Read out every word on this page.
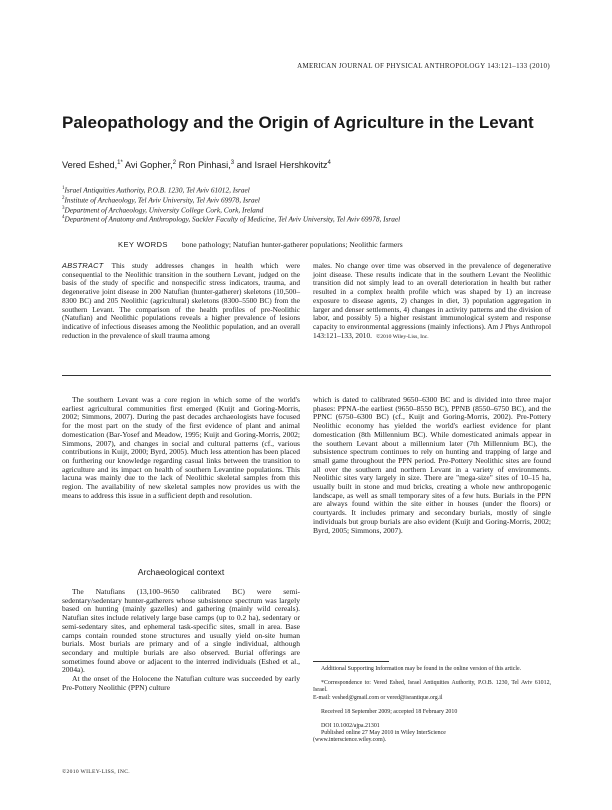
AMERICAN JOURNAL OF PHYSICAL ANTHROPOLOGY 143:121–133 (2010)
Paleopathology and the Origin of Agriculture in the Levant
Vered Eshed,$^{1*}$ Avi Gopher,$^2$ Ron Pinhasi,$^3$ and Israel Hershkovitz$^4$
$^1$Israel Antiquities Authority, P.O.B. 1230, Tel Aviv 61012, Israel
$^2$Institute of Archaeology, Tel Aviv University, Tel Aviv 69978, Israel
$^3$Department of Archaeology, University College Cork, Cork, Ireland
$^4$Department of Anatomy and Anthropology, Sackler Faculty of Medicine, Tel Aviv University, Tel Aviv 69978, Israel
KEY WORDS bone pathology; Natufian hunter-gatherer populations; Neolithic farmers

ABSTRACT This study addresses changes in health which were consequential to the Neolithic transition in the southern Levant, judged on the basis of the study of specific and nonspecific stress indicators, trauma, and degenerative joint disease in 200 Natufian (hunter-gatherer) skeletons (10,500–8300 BC) and 205 Neolithic (agricultural) skeletons (8300–5500 BC) from the southern Levant. The comparison of the health profiles of pre-Neolithic (Natufian) and Neolithic populations reveals a higher prevalence of lesions indicative of infectious diseases among the Neolithic population, and an overall reduction in the prevalence of skull trauma among

males. No change over time was observed in the prevalence of degenerative joint disease. These results indicate that in the southern Levant the Neolithic transition did not simply lead to an overall deterioration in health but rather resulted in a complex health profile which was shaped by 1) an increase exposure to disease agents, 2) changes in diet, 3) population aggregation in larger and denser settlements, 4) changes in activity patterns and the division of labor, and possibly 5) a higher resistant immunological system and response capacity to environmental aggressions (mainly infections). Am J Phys Anthropol 143:121–133, 2010. ©2010 Wiley-Liss, Inc.

The southern Levant was a core region in which some of the world's earliest agricultural communities first emerged (Kuijt and Goring-Morris, 2002; Simmons, 2007). During the past decades archaeologists have focused for the most part on the study of the first evidence of plant and animal domestication (Bar-Yosef and Meadow, 1995; Kuijt and Goring-Morris, 2002; Simmons, 2007), and changes in social and cultural patterns (cf., various contributions in Kuijt, 2000; Byrd, 2005). Much less attention has been placed on furthering our knowledge regarding casual links between the transition to agriculture and its impact on health of southern Levantine populations. This lacuna was mainly due to the lack of Neolithic skeletal samples from this region. The availability of new skeletal samples now provides us with the means to address this issue in a sufficient depth and resolution.

Archaeological context

The Natufians (13,100–9650 calibrated BC) were semi-sedentary/sedentary hunter-gatherers whose subsistence spectrum was largely based on hunting (mainly gazelles) and gathering (mainly wild cereals). Natufian sites include relatively large base camps (up to 0.2 ha), sedentary or semi-sedentary sites, and ephemeral task-specific sites, small in area. Base camps contain rounded stone structures and usually yield on-site human burials. Most burials are primary and of a single individual, although secondary and multiple burials are also observed. Burial offerings are sometimes found above or adjacent to the interred individuals (Eshed et al., 2004a).

At the onset of the Holocene the Natufian culture was succeeded by early Pre-Pottery Neolithic (PPN) culture

which is dated to calibrated 9650–6300 BC and is divided into three major phases: PPNA-the earliest (9650–8550 BC), PPNB (8550–6750 BC), and the PPNC (6750–6300 BC) (cf., Kuijt and Goring-Morris, 2002). Pre-Pottery Neolithic economy has yielded the world's earliest evidence for plant domestication (8th Millennium BC). While domesticated animals appear in the southern Levant about a millennium later (7th Millennium BC), the subsistence spectrum continues to rely on hunting and trapping of large and small game throughout the PPN period. Pre-Pottery Neolithic sites are found all over the southern and northern Levant in a variety of environments. Neolithic sites vary largely in size. There are "mega-size" sites of 10–15 ha, usually built in stone and mud bricks, creating a whole new anthropogenic landscape, as well as small temporary sites of a few huts. Burials in the PPN are always found within the site either in houses (under the floors) or courtyards. It includes primary and secondary burials, mostly of single individuals but group burials are also evident (Kuijt and Goring-Morris, 2002; Byrd, 2005; Simmons, 2007).

Additional Supporting Information may be found in the online version of this article.

*Correspondence to: Vered Eshed, Israel Antiquities Authority, P.O.B. 1230, Tel Aviv 61012, Israel.

E-mail: veshed@gmail.com or vered@israntique.org.il

Received 18 September 2009; accepted 18 February 2010

DOI 10.1002/ajpa.21301

Published online 27 May 2010 in Wiley InterScience

(www.interscience.wiley.com).

©2010 WILEY-LISS, INC.
